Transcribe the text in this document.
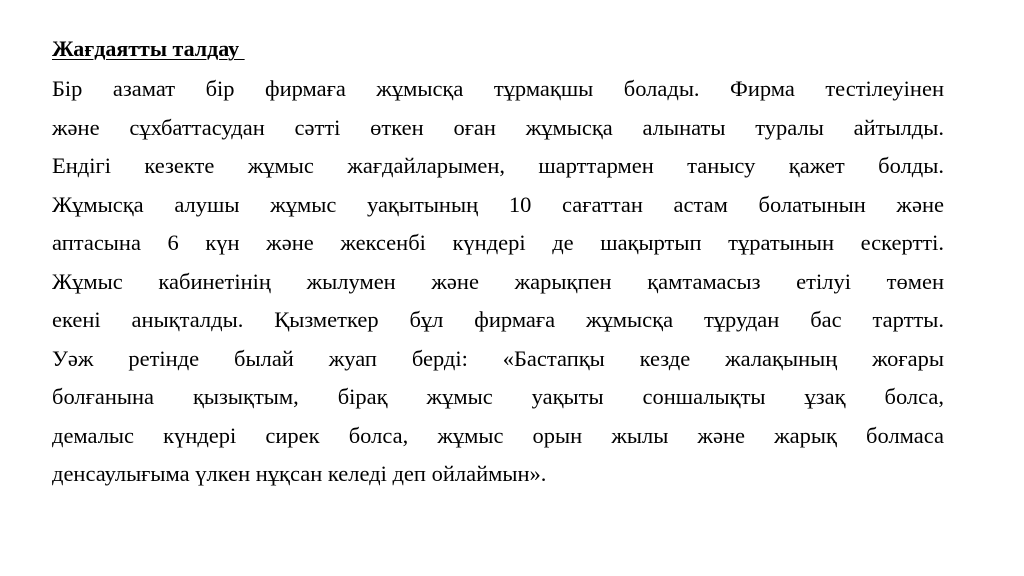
Жағдаятты талдау
Бір азамат бір фирмаға жұмысқа тұрмақшы болады. Фирма тестілеуінен
және сұхбаттасудан сәтті өткен оған жұмысқа алынаты туралы айтылды.
Ендігі кезекте жұмыс жағдайларымен, шарттармен танысу қажет болды.
Жұмысқа алушы жұмыс уақытының 10 сағаттан астам болатынын және
аптасына 6 күн және жексенбі күндері де шақыртып тұратынын ескертті.
Жұмыс кабинетінің жылумен және жарықпен қамтамасыз етілуі төмен
екені анықталды. Қызметкер бұл фирмаға жұмысқа тұрудан бас тартты.
Уәж ретінде былай жуап берді: «Бастапқы кезде жалақының жоғары
болғанына қызықтым, бірақ жұмыс уақыты соншалықты ұзақ болса,
демалыс күндері сирек болса, жұмыс орын жылы және жарық болмаса
денсаулығыма үлкен нұқсан келеді деп ойлаймын».
